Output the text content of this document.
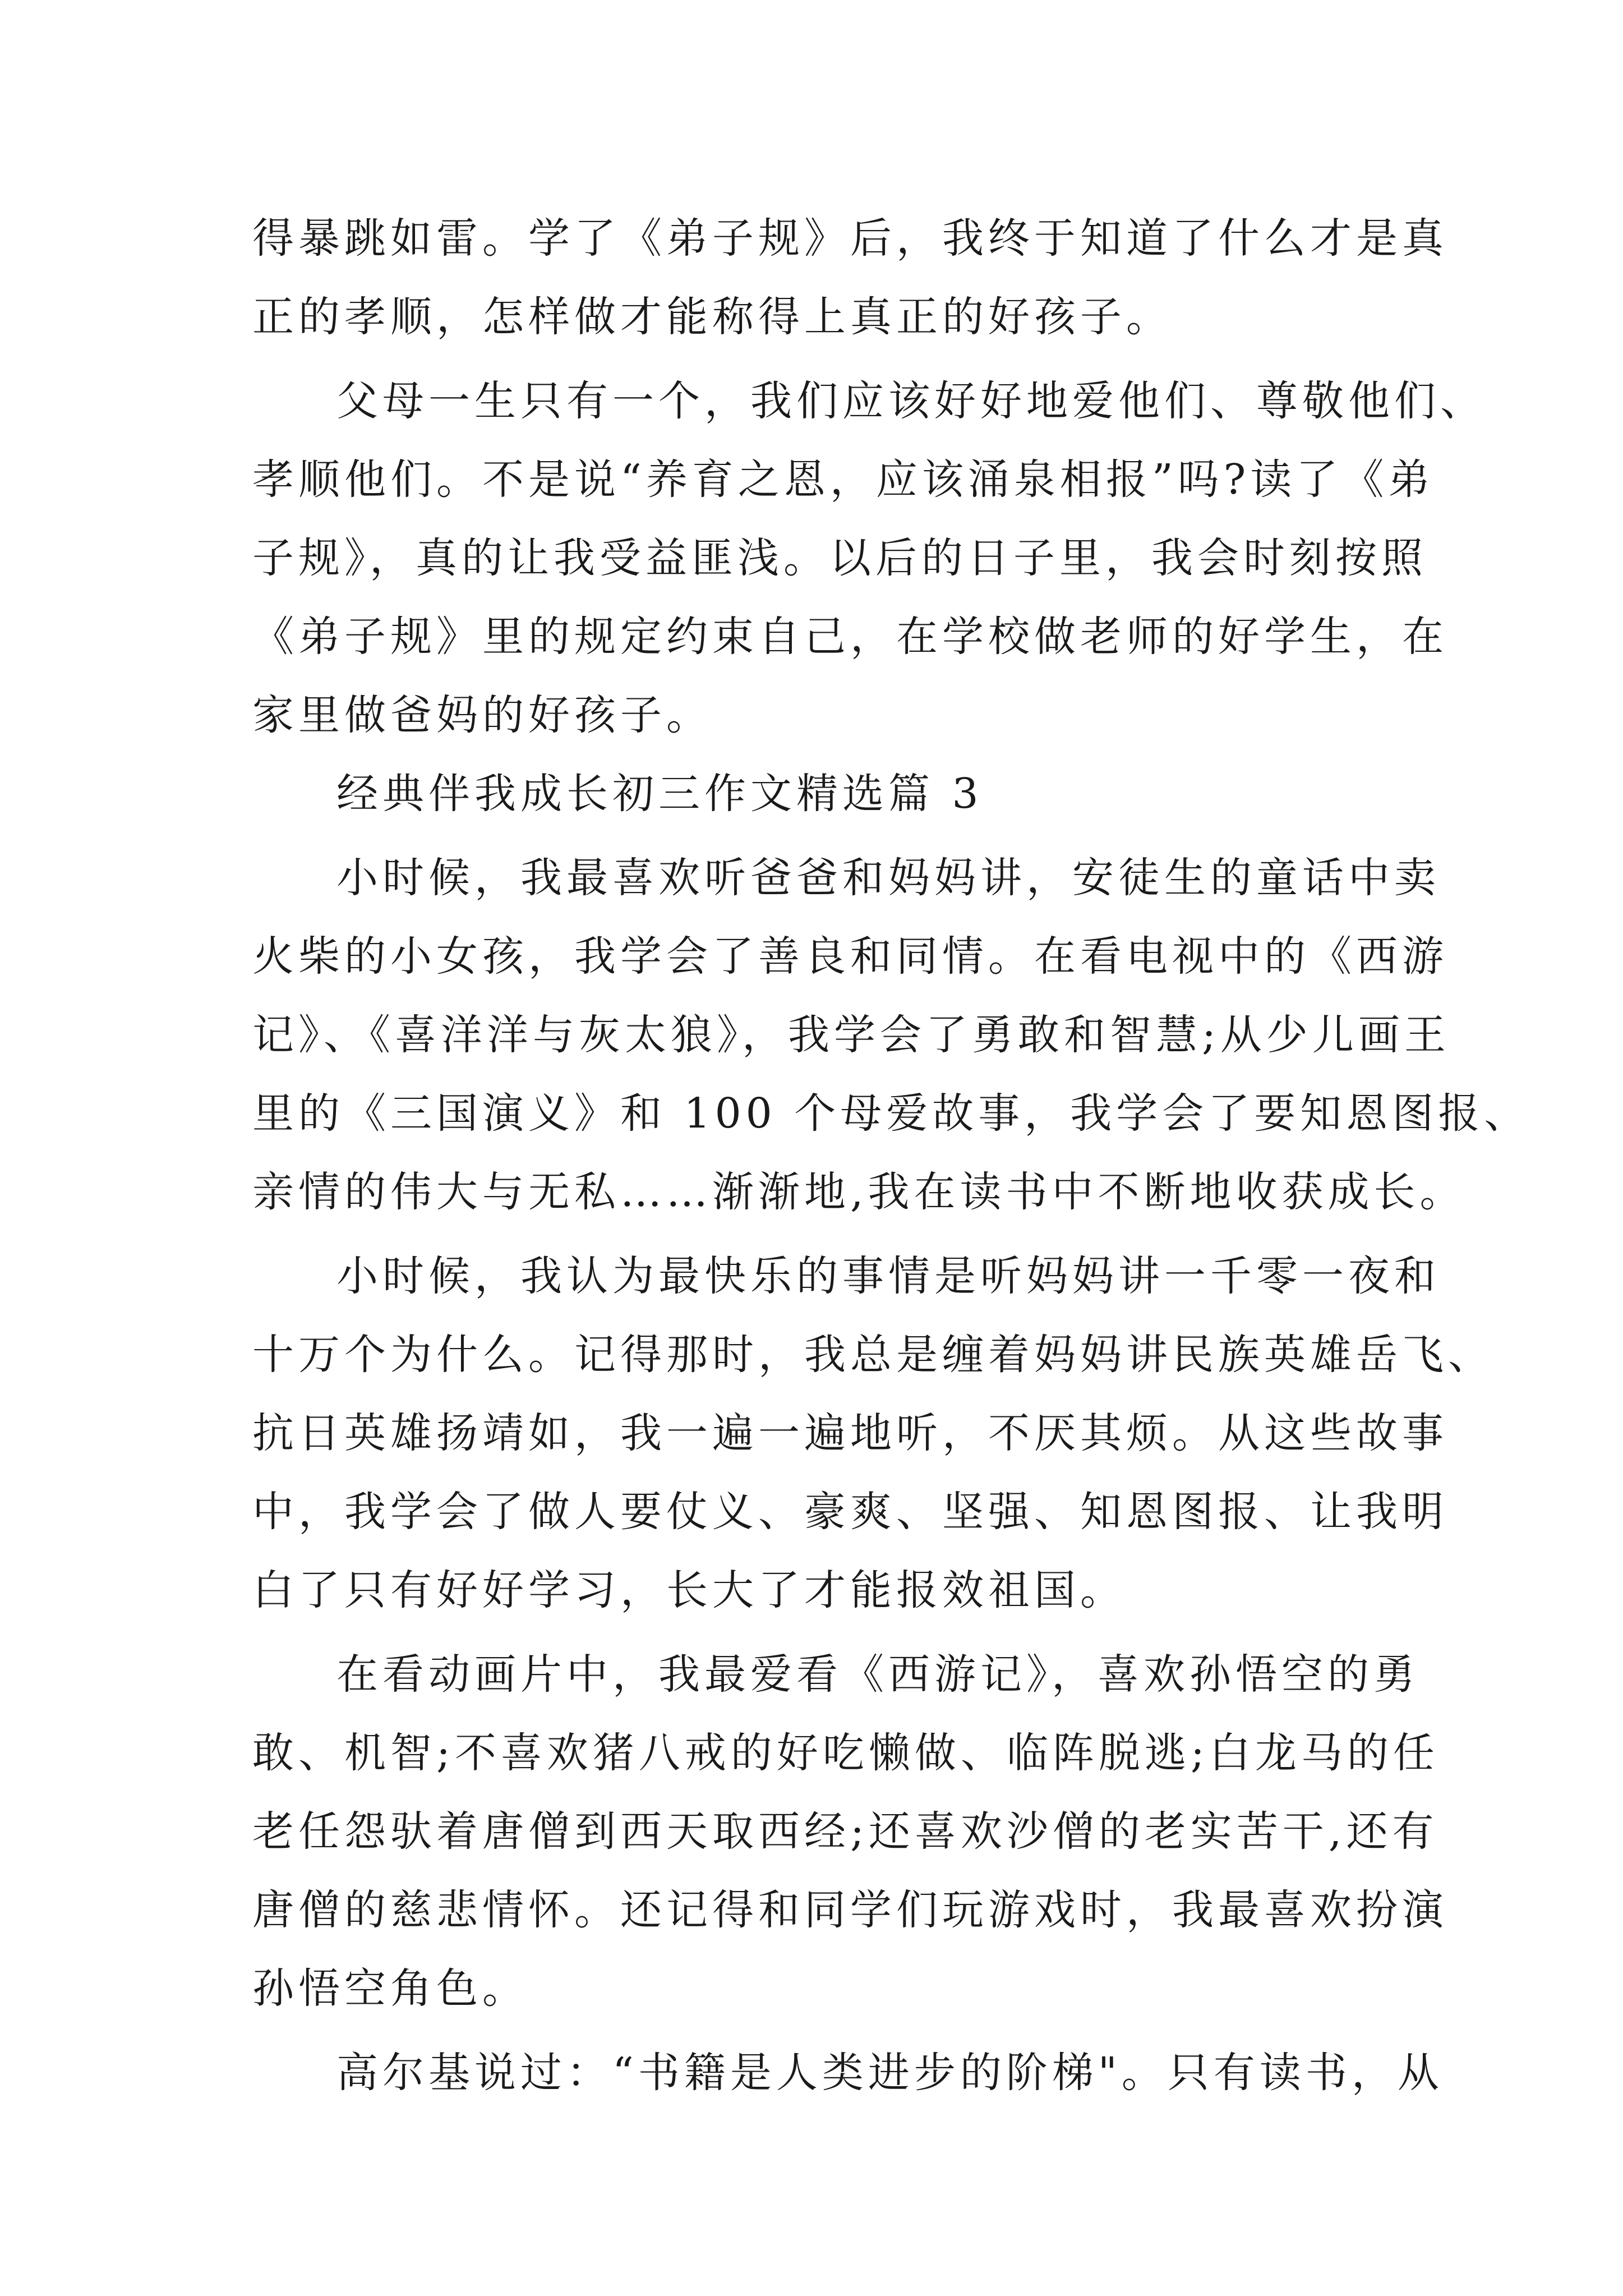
得暴跳如雷。学了《弟子规》后，我终于知道了什么才是真
正的孝顺，怎样做才能称得上真正的好孩子。
父母一生只有一个，我们应该好好地爱他们、尊敬他们、
孝顺他们。不是说“养育之恩，应该涌泉相报”吗?读了《弟
子规》，真的让我受益匪浅。以后的日子里，我会时刻按照
《弟子规》里的规定约束自己，在学校做老师的好学生，在
家里做爸妈的好孩子。
经典伴我成长初三作文精选篇 3
小时候，我最喜欢听爸爸和妈妈讲，安徒生的童话中卖
火柴的小女孩，我学会了善良和同情。在看电视中的《西游
记》、《喜洋洋与灰太狼》，我学会了勇敢和智慧;从少儿画王
里的《三国演义》和 100 个母爱故事，我学会了要知恩图报、
亲情的伟大与无私……渐渐地,我在读书中不断地收获成长。
小时候，我认为最快乐的事情是听妈妈讲一千零一夜和
十万个为什么。记得那时，我总是缠着妈妈讲民族英雄岳飞、
抗日英雄扬靖如，我一遍一遍地听，不厌其烦。从这些故事
中，我学会了做人要仗义、豪爽、坚强、知恩图报、让我明
白了只有好好学习，长大了才能报效祖国。
在看动画片中，我最爱看《西游记》，喜欢孙悟空的勇
敢、机智;不喜欢猪八戒的好吃懒做、临阵脱逃;白龙马的任
老任怨驮着唐僧到西天取西经;还喜欢沙僧的老实苦干,还有
唐僧的慈悲情怀。还记得和同学们玩游戏时，我最喜欢扮演
孙悟空角色。
高尔基说过：“书籍是人类进步的阶梯"。只有读书，从
